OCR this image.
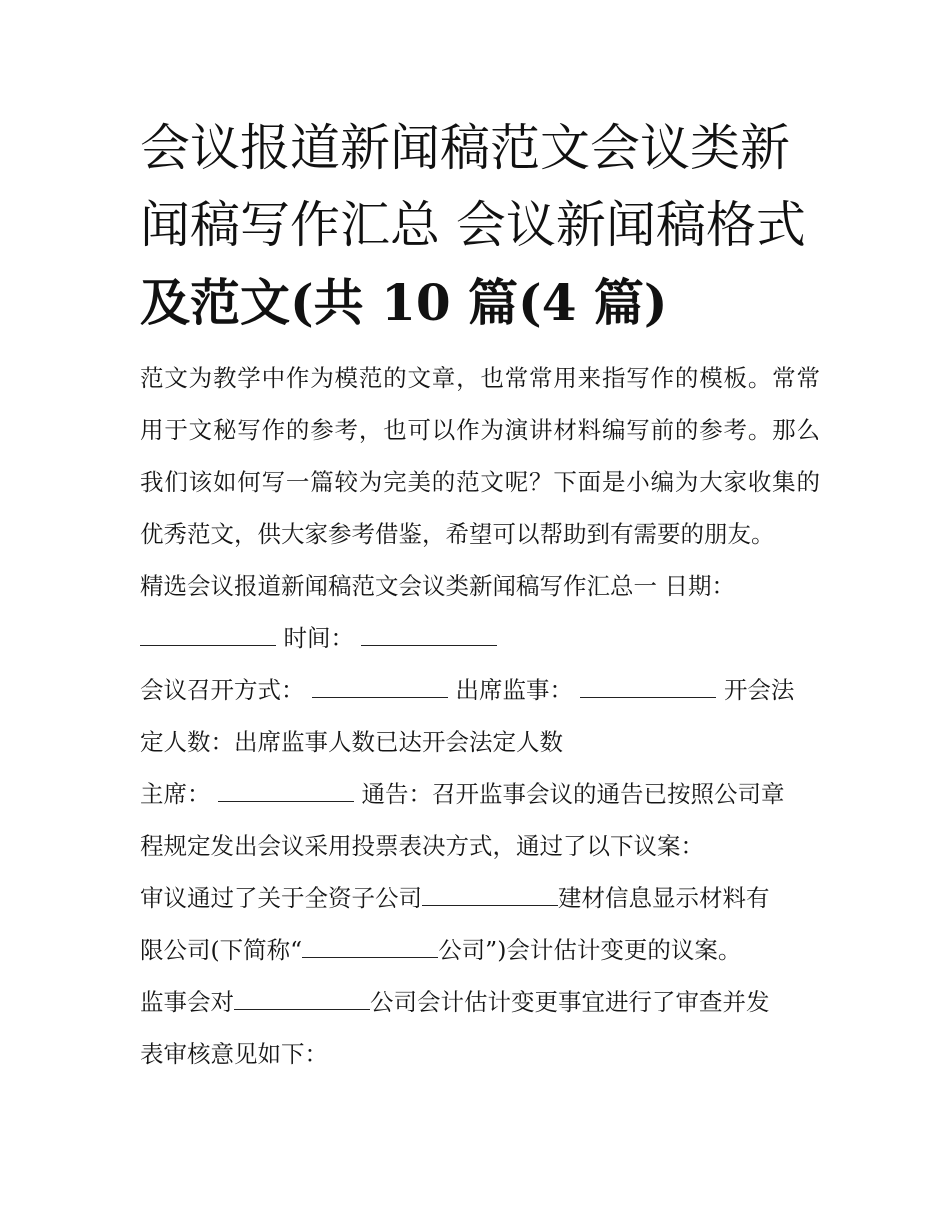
会议报道新闻稿范文会议类新
闻稿写作汇总 会议新闻稿格式
及范文(共 10 篇(4 篇)

范文为教学中作为模范的文章，也常常用来指写作的模板。常常用于文秘写作的参考，也可以作为演讲材料编写前的参考。那么我们该如何写一篇较为完美的范文呢？下面是小编为大家收集的优秀范文，供大家参考借鉴，希望可以帮助到有需要的朋友。

精选会议报道新闻稿范文会议类新闻稿写作汇总一 日期：

时间：

会议召开方式：	出席监事：	开会法

定人数：出席监事人数已达开会法定人数

主席：	通告：召开监事会议的通告已按照公司章

程规定发出会议采用投票表决方式，通过了以下议案：

审议通过了关于全资子公司	建材信息显示材料有

限公司(下简称“	公司”)会计估计变更的议案。

监事会对	公司会计估计变更事宜进行了审查并发

表审核意见如下：
